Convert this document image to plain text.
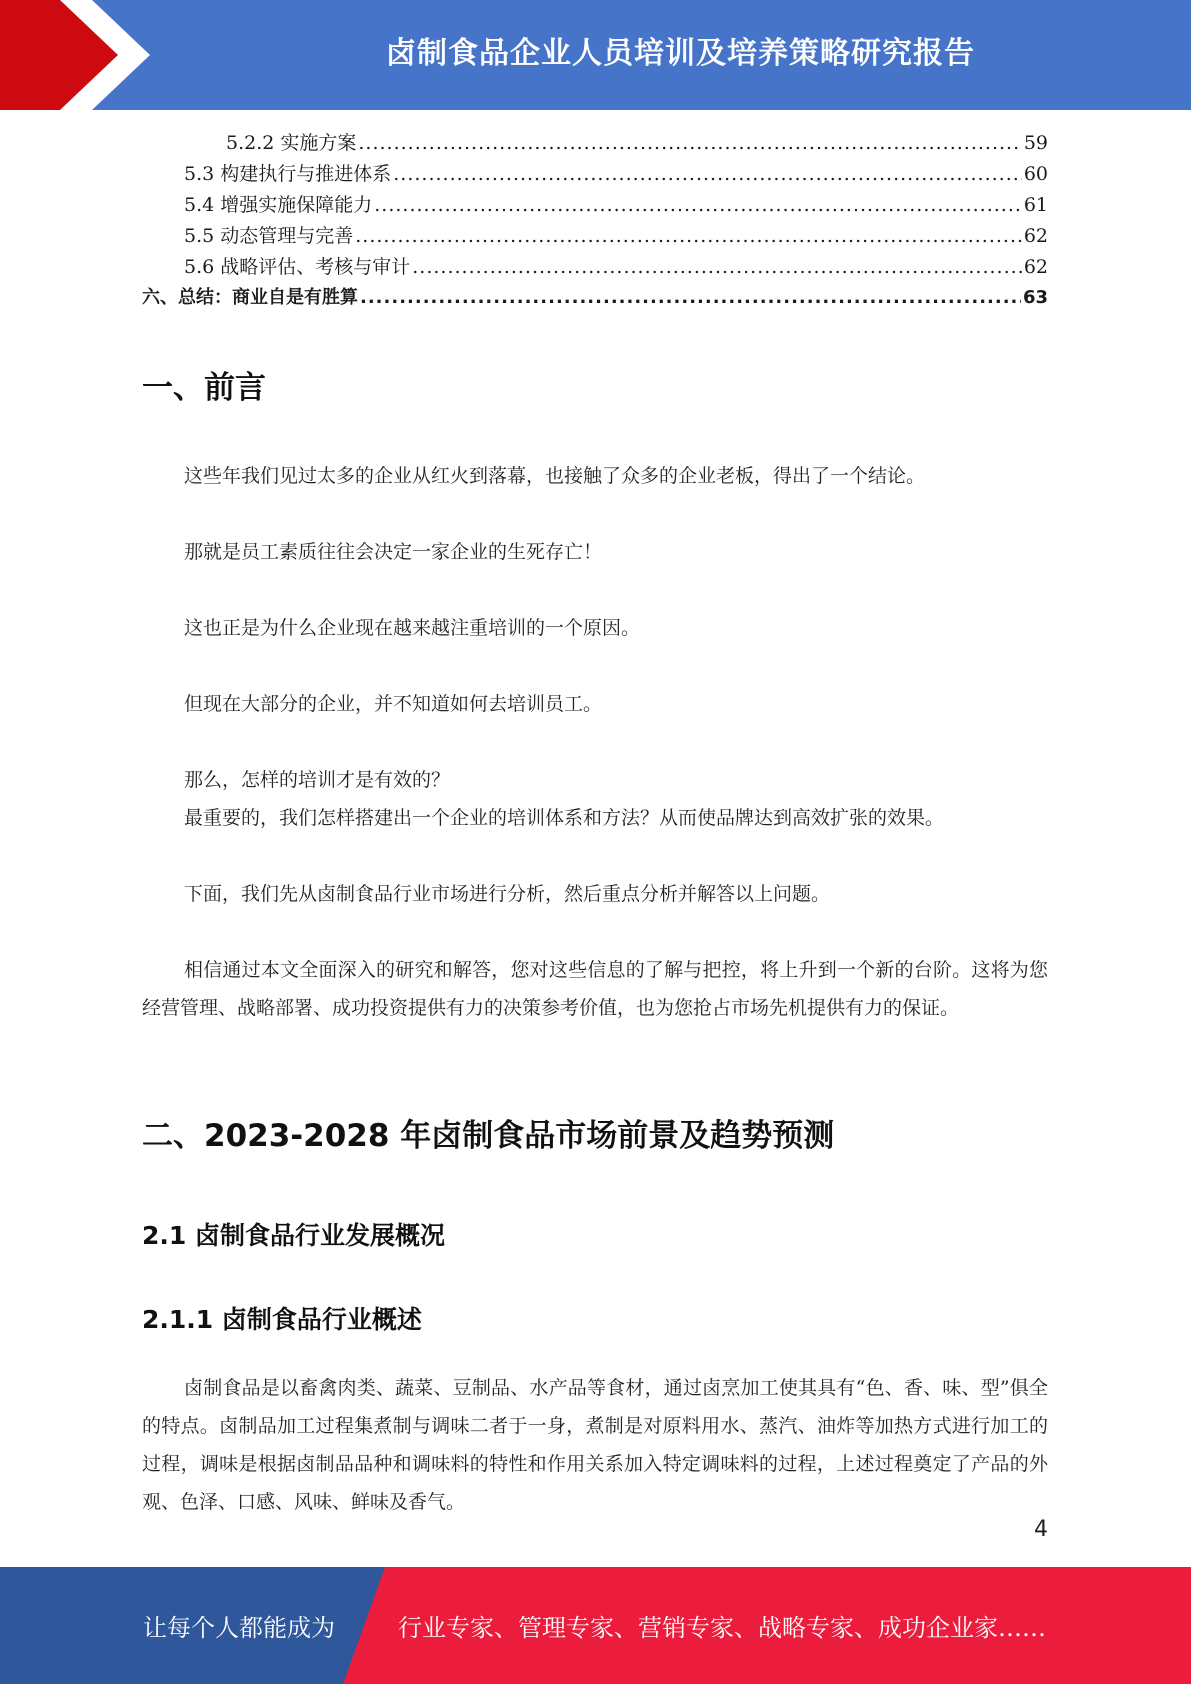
卤制食品企业人员培训及培养策略研究报告
5.2.2 实施方案 .....	59
5.3 构建执行与推进体系 .....	60
5.4 增强实施保障能力 .....	61
5.5 动态管理与完善 .....	62
5.6 战略评估、考核与审计 .....	62
六、总结：商业自是有胜算 .....	63
一、前言

这些年我们见过太多的企业从红火到落幕，也接触了众多的企业老板，得出了一个结论。

那就是员工素质往往会决定一家企业的生死存亡！

这也正是为什么企业现在越来越注重培训的一个原因。

但现在大部分的企业，并不知道如何去培训员工。

那么，怎样的培训才是有效的？

最重要的，我们怎样搭建出一个企业的培训体系和方法？从而使品牌达到高效扩张的效果。

下面，我们先从卤制食品行业市场进行分析，然后重点分析并解答以上问题。

相信通过本文全面深入的研究和解答，您对这些信息的了解与把控，将上升到一个新的台阶。这将为您经营管理、战略部署、成功投资提供有力的决策参考价值，也为您抢占市场先机提供有力的保证。

二、2023-2028 年卤制食品市场前景及趋势预测
2.1 卤制食品行业发展概况
2.1.1 卤制食品行业概述

卤制食品是以畜禽肉类、蔬菜、豆制品、水产品等食材，通过卤烹加工使其具有“色、香、味、型”俱全的特点。卤制品加工过程集煮制与调味二者于一身，煮制是对原料用水、蒸汽、油炸等加热方式进行加工的过程，调味是根据卤制品品种和调味料的特性和作用关系加入特定调味料的过程，上述过程奠定了产品的外观、色泽、口感、风味、鲜味及香气。

4
让每个人都能成为	行业专家、管理专家、营销专家、战略专家、成功企业家……
